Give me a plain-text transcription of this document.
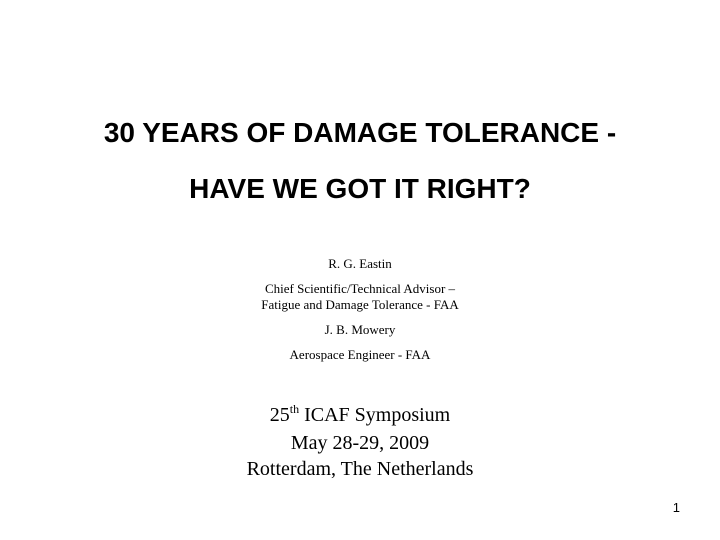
30 YEARS OF DAMAGE TOLERANCE -
HAVE WE GOT IT RIGHT?
R. G. Eastin
Chief Scientific/Technical Advisor –
Fatigue and Damage Tolerance - FAA
J. B. Mowery
Aerospace Engineer - FAA
25th ICAF Symposium
May 28-29, 2009
Rotterdam, The Netherlands
1
